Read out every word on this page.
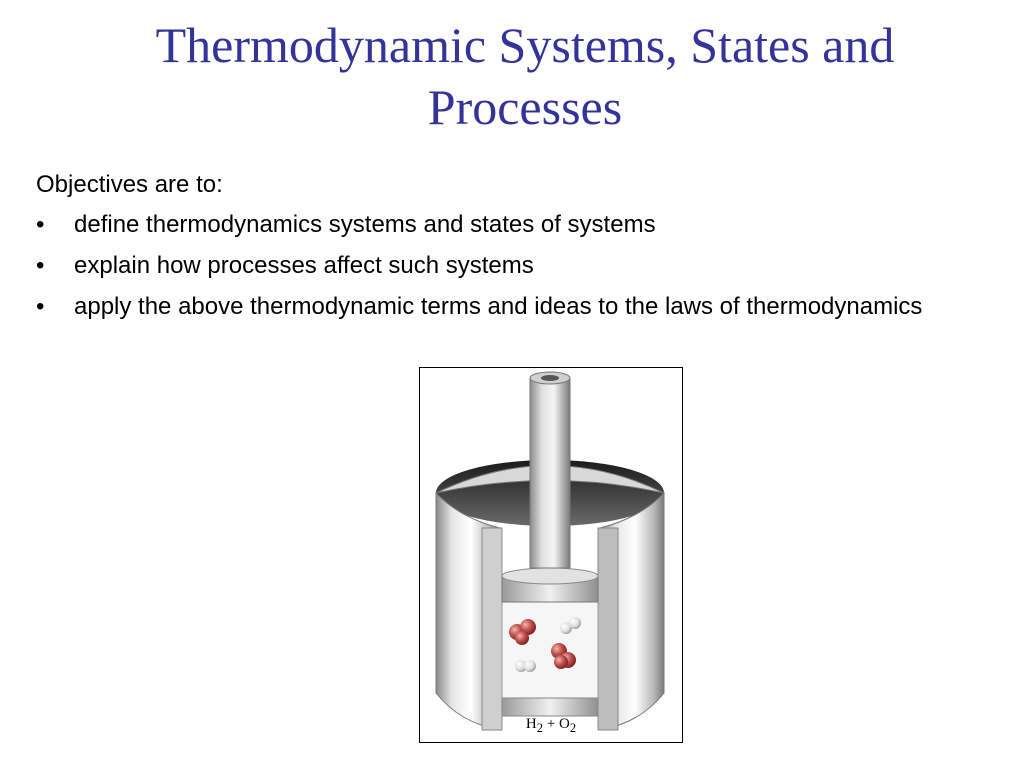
Thermodynamic Systems, States and Processes

Objectives are to:

• define thermodynamics systems and states of systems
• explain how processes affect such systems
• apply the above thermodynamic terms and ideas to the laws of thermodynamics
$H_2 + O_2$
